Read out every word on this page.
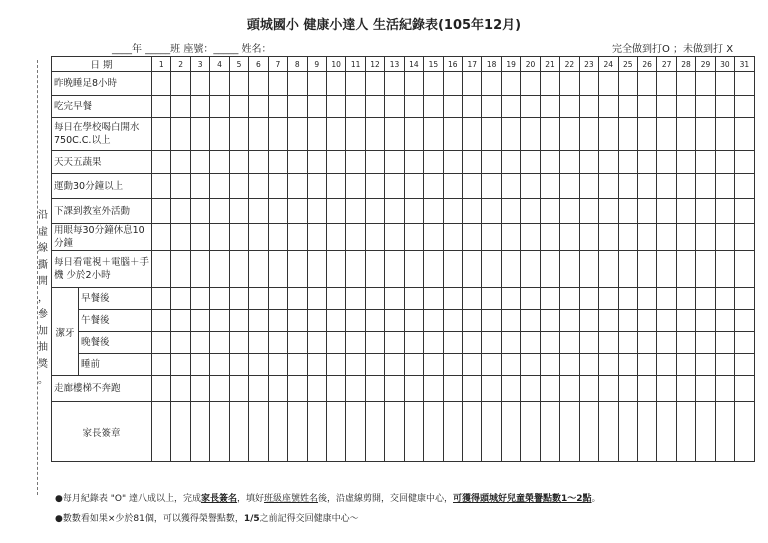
頭城國小 健康小達人 生活紀錄表(105年12月)
____年 _____班 座號：_____ 姓名：	完全做到打O ；未做到打 X
沿
虛
線
撕
開
，
參
加
抽
獎
。
日 期		1	2	3	4	5	6	7	8	9	10	11	12	13	14	15	16	17	18	19	20	21	22	23	24	25	26	27	28	29	30	31
昨晚睡足8小時																																
吃完早餐																																
每日在學校喝白開水750C.C.以上																																
天天五蔬果																																
運動30分鐘以上																																
下課到教室外活動																																
用眼每30分鐘休息10分鐘																																
每日看電視＋電腦＋手機 少於2小時																																
潔牙	早餐後																															
	午餐後																															
	晚餐後																															
	睡前																															
走廊樓梯不奔跑																																
家長簽章																																
●每月紀錄表 "O" 達八成以上，完成家長簽名，填好班級座號姓名後，沿虛線剪開，交回健康中心，可獲得頭城好兒童榮譽點數1～2點。
●數數看如果×少於81個，可以獲得榮譽點數，1/5之前記得交回健康中心～
